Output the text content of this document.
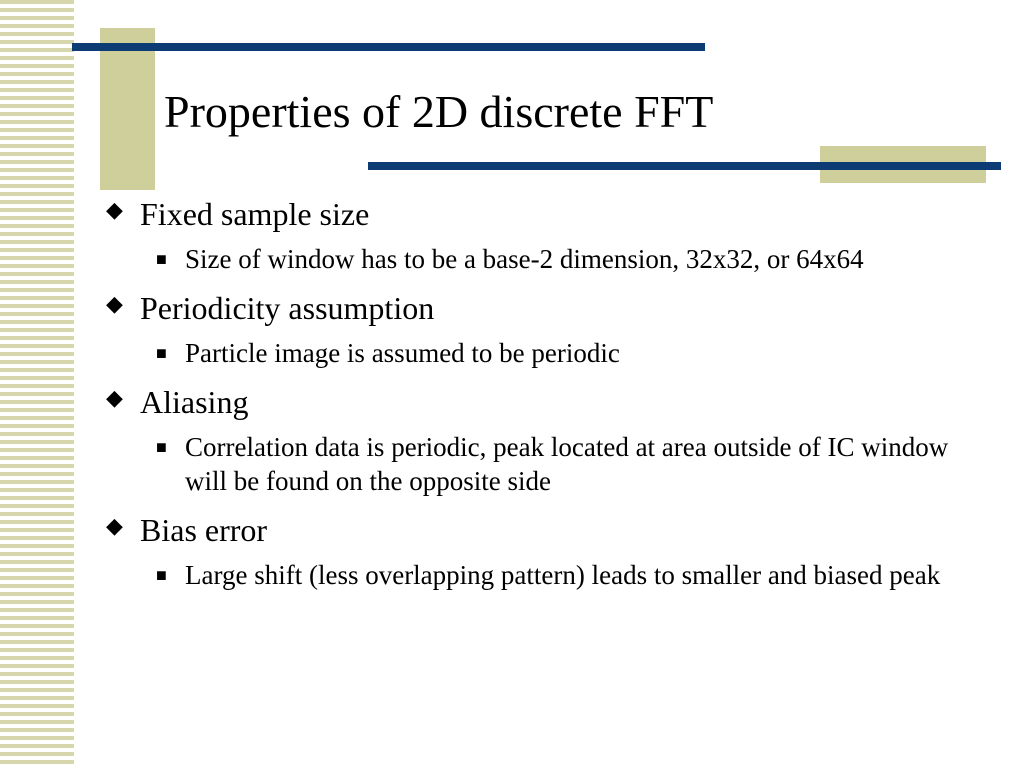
Properties of 2D discrete FFT
◆ Fixed sample size
■ Size of window has to be a base-2 dimension, 32x32, or 64x64
◆ Periodicity assumption
■ Particle image is assumed to be periodic
◆ Aliasing
■ Correlation data is periodic, peak located at area outside of IC window will be found on the opposite side
◆ Bias error
■ Large shift (less overlapping pattern) leads to smaller and biased peak
